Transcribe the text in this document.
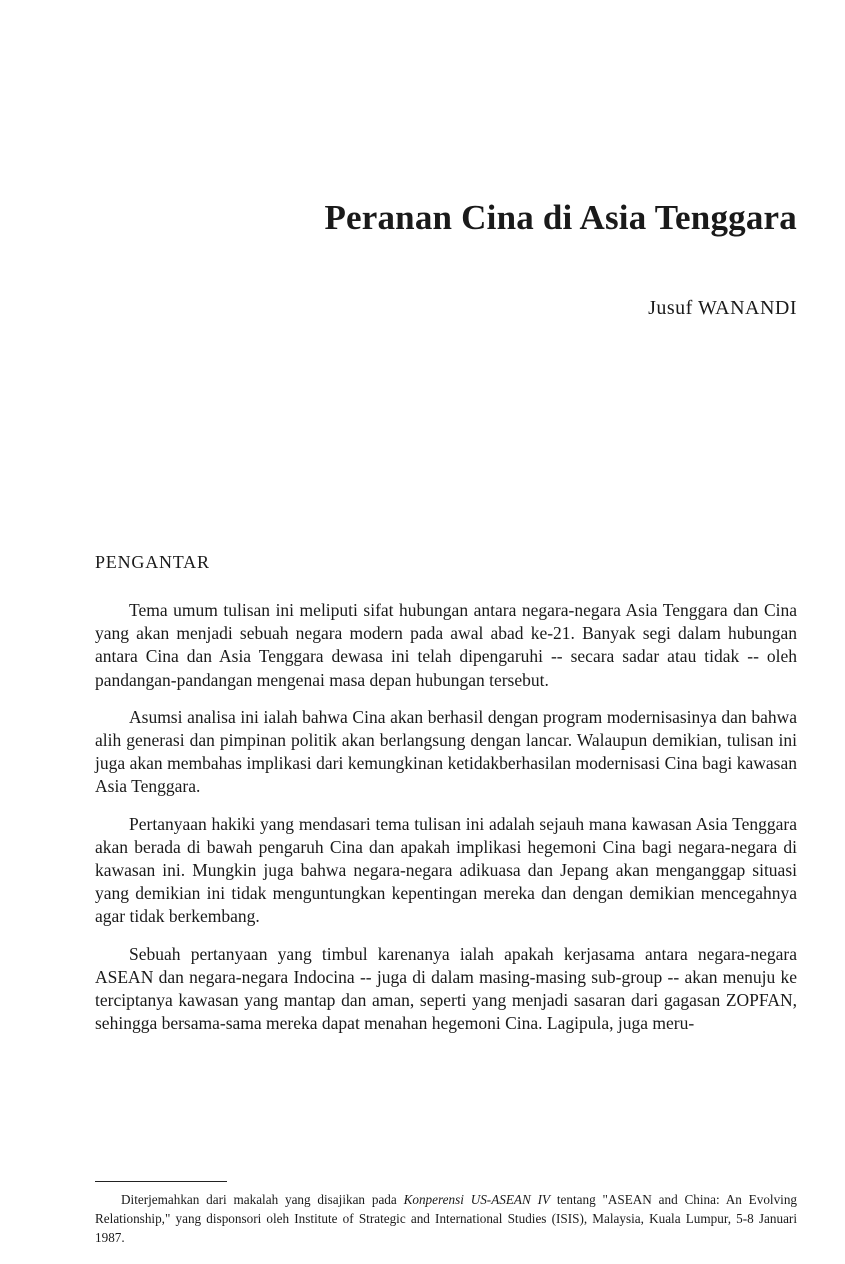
Peranan Cina di Asia Tenggara

Jusuf WANANDI

PENGANTAR

Tema umum tulisan ini meliputi sifat hubungan antara negara-negara Asia Tenggara dan Cina yang akan menjadi sebuah negara modern pada awal abad ke-21. Banyak segi dalam hubungan antara Cina dan Asia Tenggara dewasa ini telah dipengaruhi -- secara sadar atau tidak -- oleh pandangan-pandangan mengenai masa depan hubungan tersebut.

Asumsi analisa ini ialah bahwa Cina akan berhasil dengan program modernisasinya dan bahwa alih generasi dan pimpinan politik akan berlangsung dengan lancar. Walaupun demikian, tulisan ini juga akan membahas implikasi dari kemungkinan ketidakberhasilan modernisasi Cina bagi kawasan Asia Tenggara.

Pertanyaan hakiki yang mendasari tema tulisan ini adalah sejauh mana kawasan Asia Tenggara akan berada di bawah pengaruh Cina dan apakah implikasi hegemoni Cina bagi negara-negara di kawasan ini. Mungkin juga bahwa negara-negara adikuasa dan Jepang akan menganggap situasi yang demikian ini tidak menguntungkan kepentingan mereka dan dengan demikian mencegahnya agar tidak berkembang.

Sebuah pertanyaan yang timbul karenanya ialah apakah kerjasama antara negara-negara ASEAN dan negara-negara Indocina -- juga di dalam masing-masing sub-group -- akan menuju ke terciptanya kawasan yang mantap dan aman, seperti yang menjadi sasaran dari gagasan ZOPFAN, sehingga bersama-sama mereka dapat menahan hegemoni Cina. Lagipula, juga meru-

Diterjemahkan dari makalah yang disajikan pada Konperensi US-ASEAN IV tentang "ASEAN and China: An Evolving Relationship," yang disponsori oleh Institute of Strategic and International Studies (ISIS), Malaysia, Kuala Lumpur, 5-8 Januari 1987.
